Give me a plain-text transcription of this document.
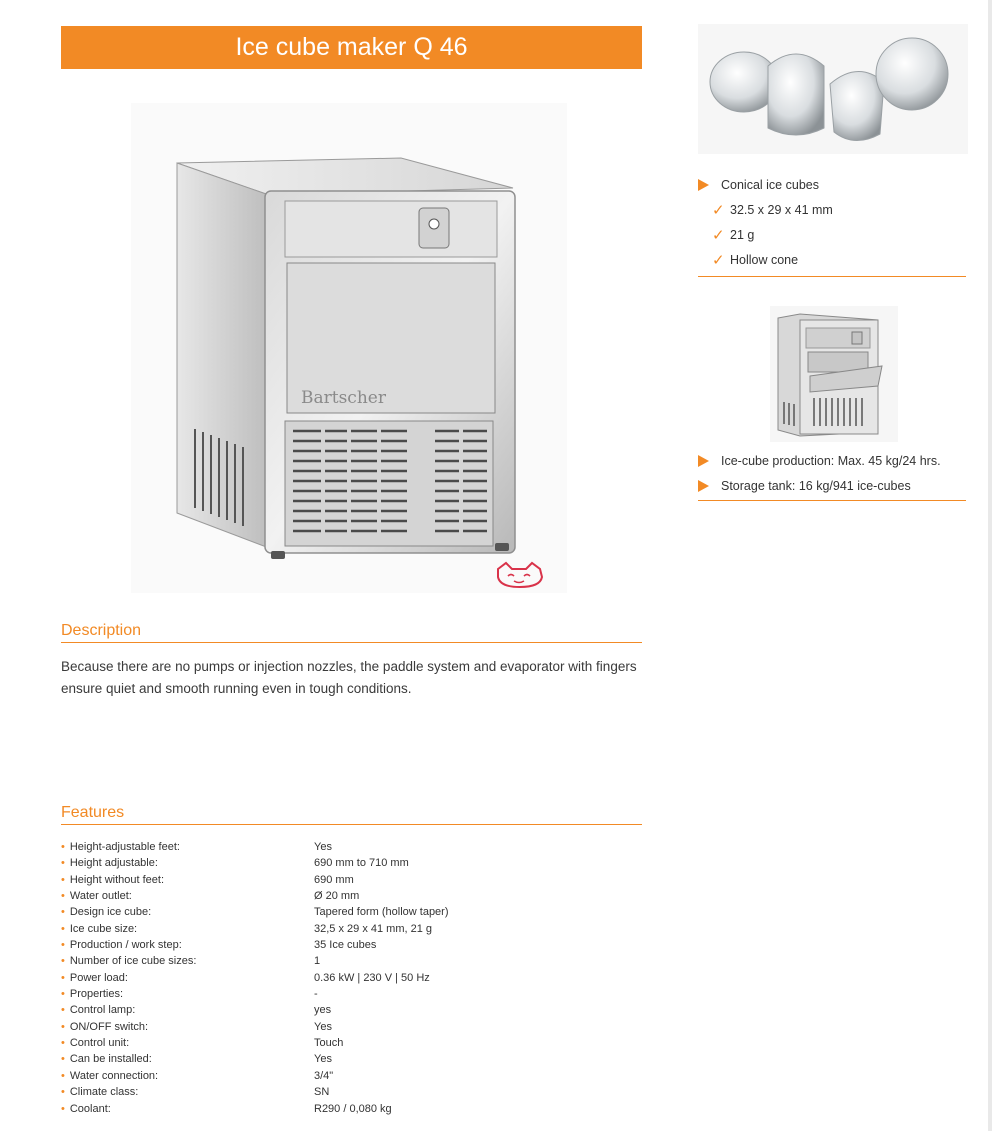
Ice cube maker Q 46
Bartscher
Description
Because there are no pumps or injection nozzles, the paddle system and evaporator with fingers ensure quiet and smooth running even in tough conditions.
Features
• Height-adjustable feet:	Yes
• Height adjustable:	690 mm to 710 mm
• Height without feet:	690 mm
• Water outlet:	Ø 20 mm
• Design ice cube:	Tapered form (hollow taper)
• Ice cube size:	32,5 x 29 x 41 mm, 21 g
• Production / work step:	35 Ice cubes
• Number of ice cube sizes:	1
• Power load:	0.36 kW | 230 V | 50 Hz
• Properties:	-
• Control lamp:	yes
• ON/OFF switch:	Yes
• Control unit:	Touch
• Can be installed:	Yes
• Water connection:	3/4"
• Climate class:	SN
• Coolant:	R290 / 0,080 kg
Conical ice cubes
✓ 32.5 x 29 x 41 mm
✓ 21 g
✓ Hollow cone
Ice-cube production: Max. 45 kg/24 hrs.
Storage tank: 16 kg/941 ice-cubes
